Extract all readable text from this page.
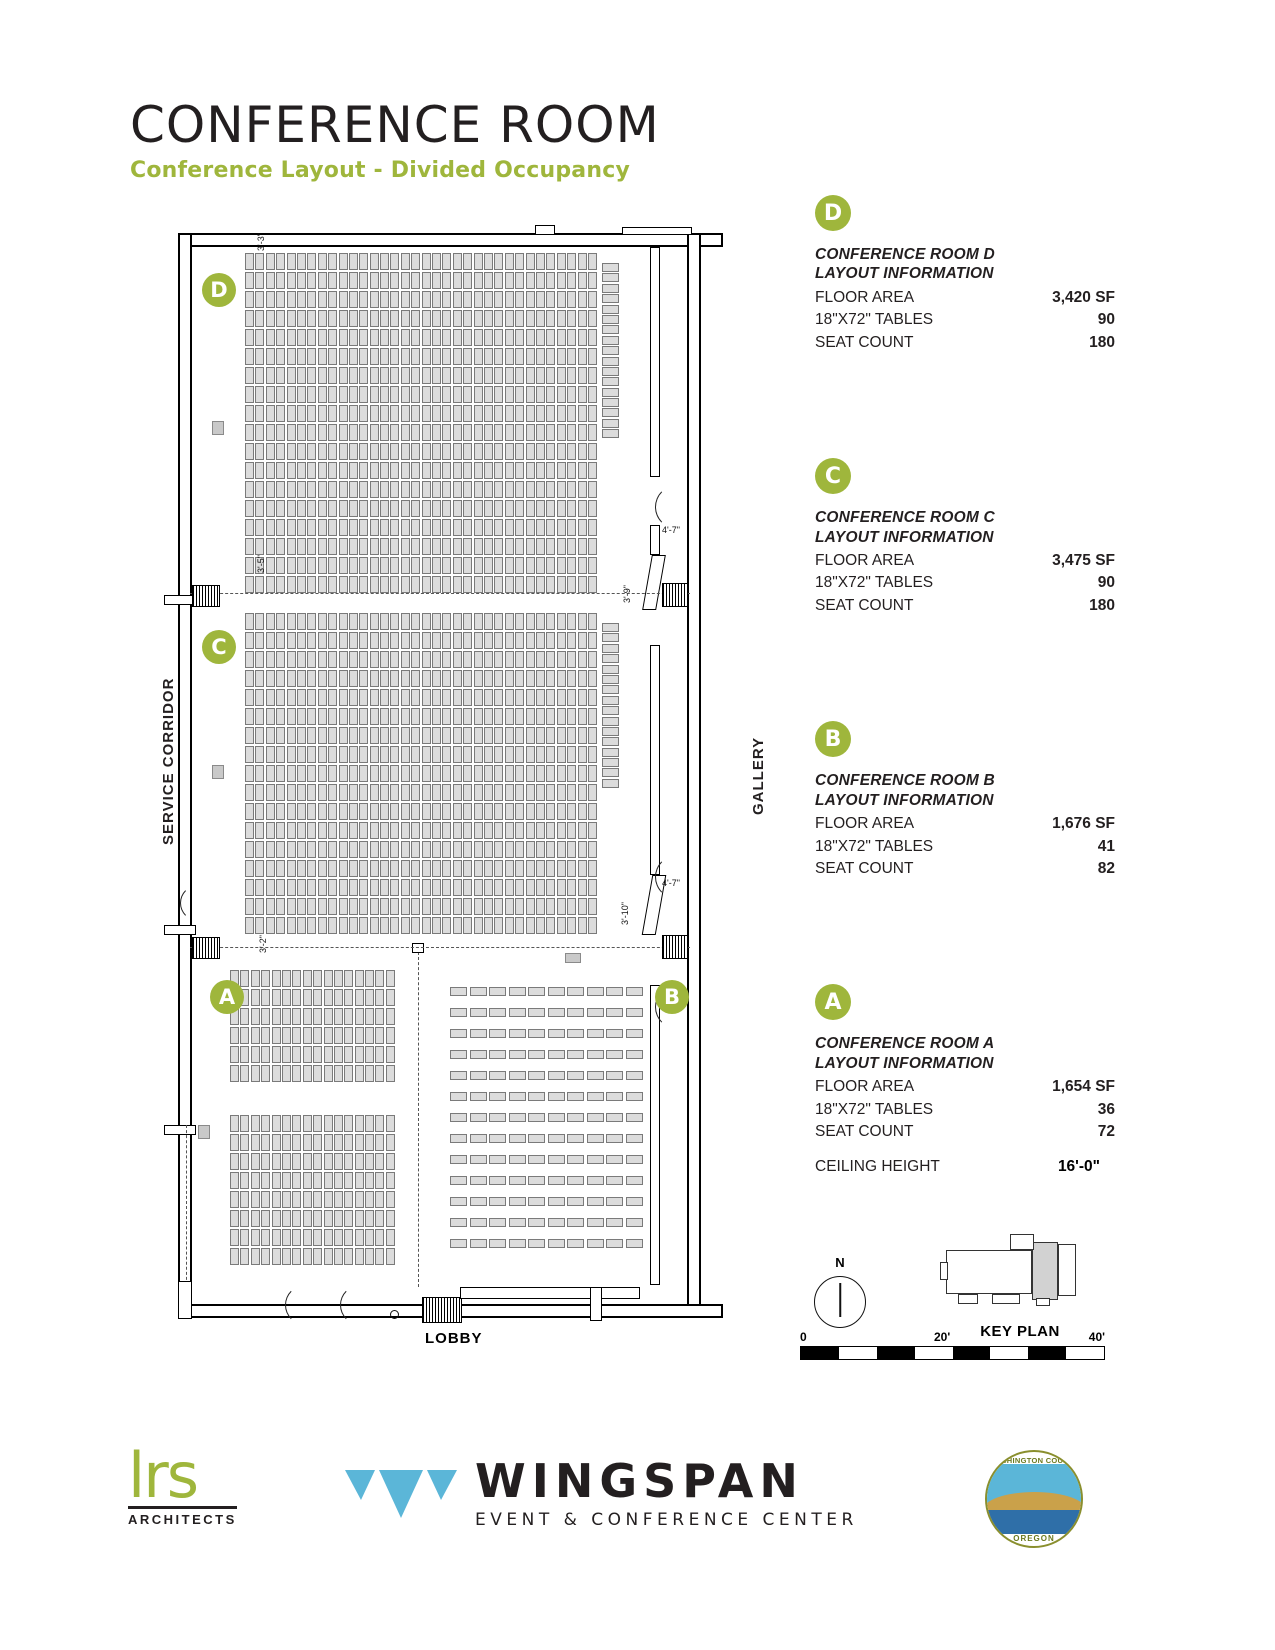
CONFERENCE ROOM
Conference Layout - Divided Occupancy
3'-3"
4'-7"
3'-5"
3'-9"
4'-7"
3'-10"
3'-2"
D
C
A	B
SERVICE CORRIDOR	GALLERY
LOBBY
D
CONFERENCE ROOM D
LAYOUT INFORMATION
FLOOR AREA	3,420 SF
18"X72" TABLES	90
SEAT COUNT	180
C
CONFERENCE ROOM C
LAYOUT INFORMATION
FLOOR AREA	3,475 SF
18"X72" TABLES	90
SEAT COUNT	180
B
CONFERENCE ROOM B
LAYOUT INFORMATION
FLOOR AREA	1,676 SF
18"X72" TABLES	41
SEAT COUNT	82
A
CONFERENCE ROOM A
LAYOUT INFORMATION
FLOOR AREA	1,654 SF
18"X72" TABLES	36
SEAT COUNT	72
CEILING HEIGHT	16'-0"
N
KEY PLAN
0	20'	40'
lrs
ARCHITECTS
WINGSPAN
EVENT & CONFERENCE CENTER
WASHINGTON COUNTY
OREGON
